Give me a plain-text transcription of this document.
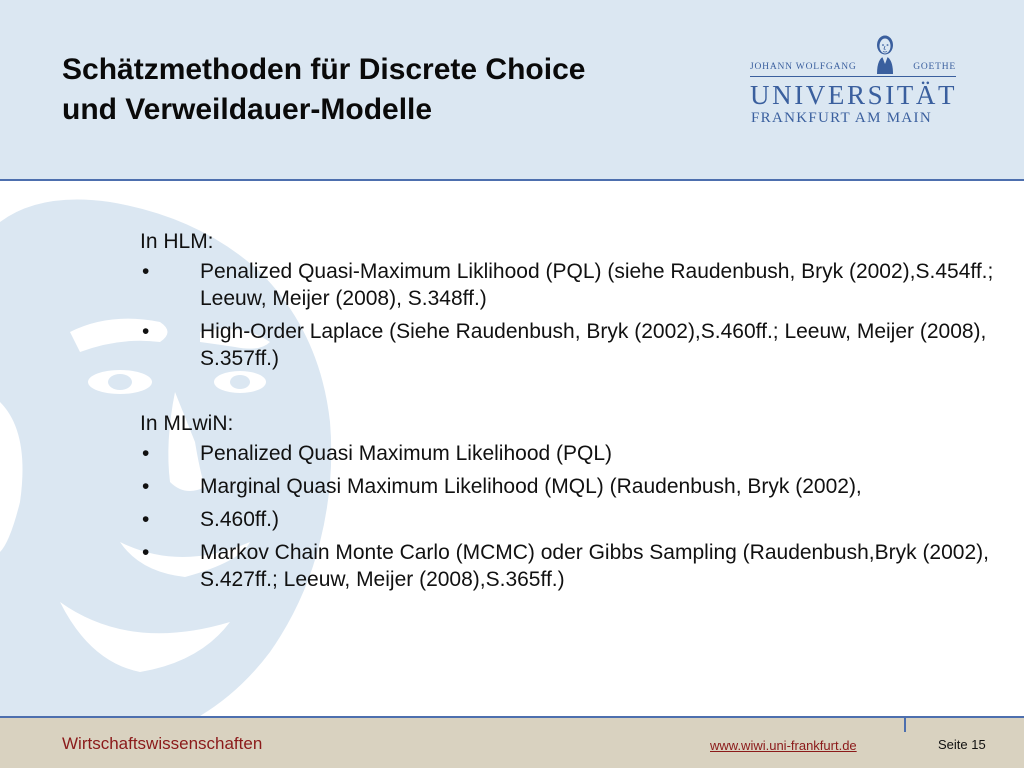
Schätzmethoden für Discrete Choice
und Verweildauer-Modelle
JOHANN WOLFGANG	GOETHE
UNIVERSITÄT
FRANKFURT AM MAIN

In HLM:

• Penalized Quasi-Maximum Liklihood (PQL) (siehe Raudenbush, Bryk (2002),S.454ff.; Leeuw, Meijer (2008), S.348ff.)
• High-Order Laplace (Siehe Raudenbush, Bryk (2002),S.460ff.; Leeuw, Meijer (2008), S.357ff.)

In MLwiN:

• Penalized Quasi Maximum Likelihood (PQL)
• Marginal Quasi Maximum Likelihood (MQL) (Raudenbush, Bryk (2002),
• S.460ff.)
• Markov Chain Monte Carlo (MCMC) oder Gibbs Sampling (Raudenbush,Bryk (2002), S.427ff.; Leeuw, Meijer (2008),S.365ff.)
Wirtschaftswissenschaften	www.wiwi.uni-frankfurt.de	Seite 15
